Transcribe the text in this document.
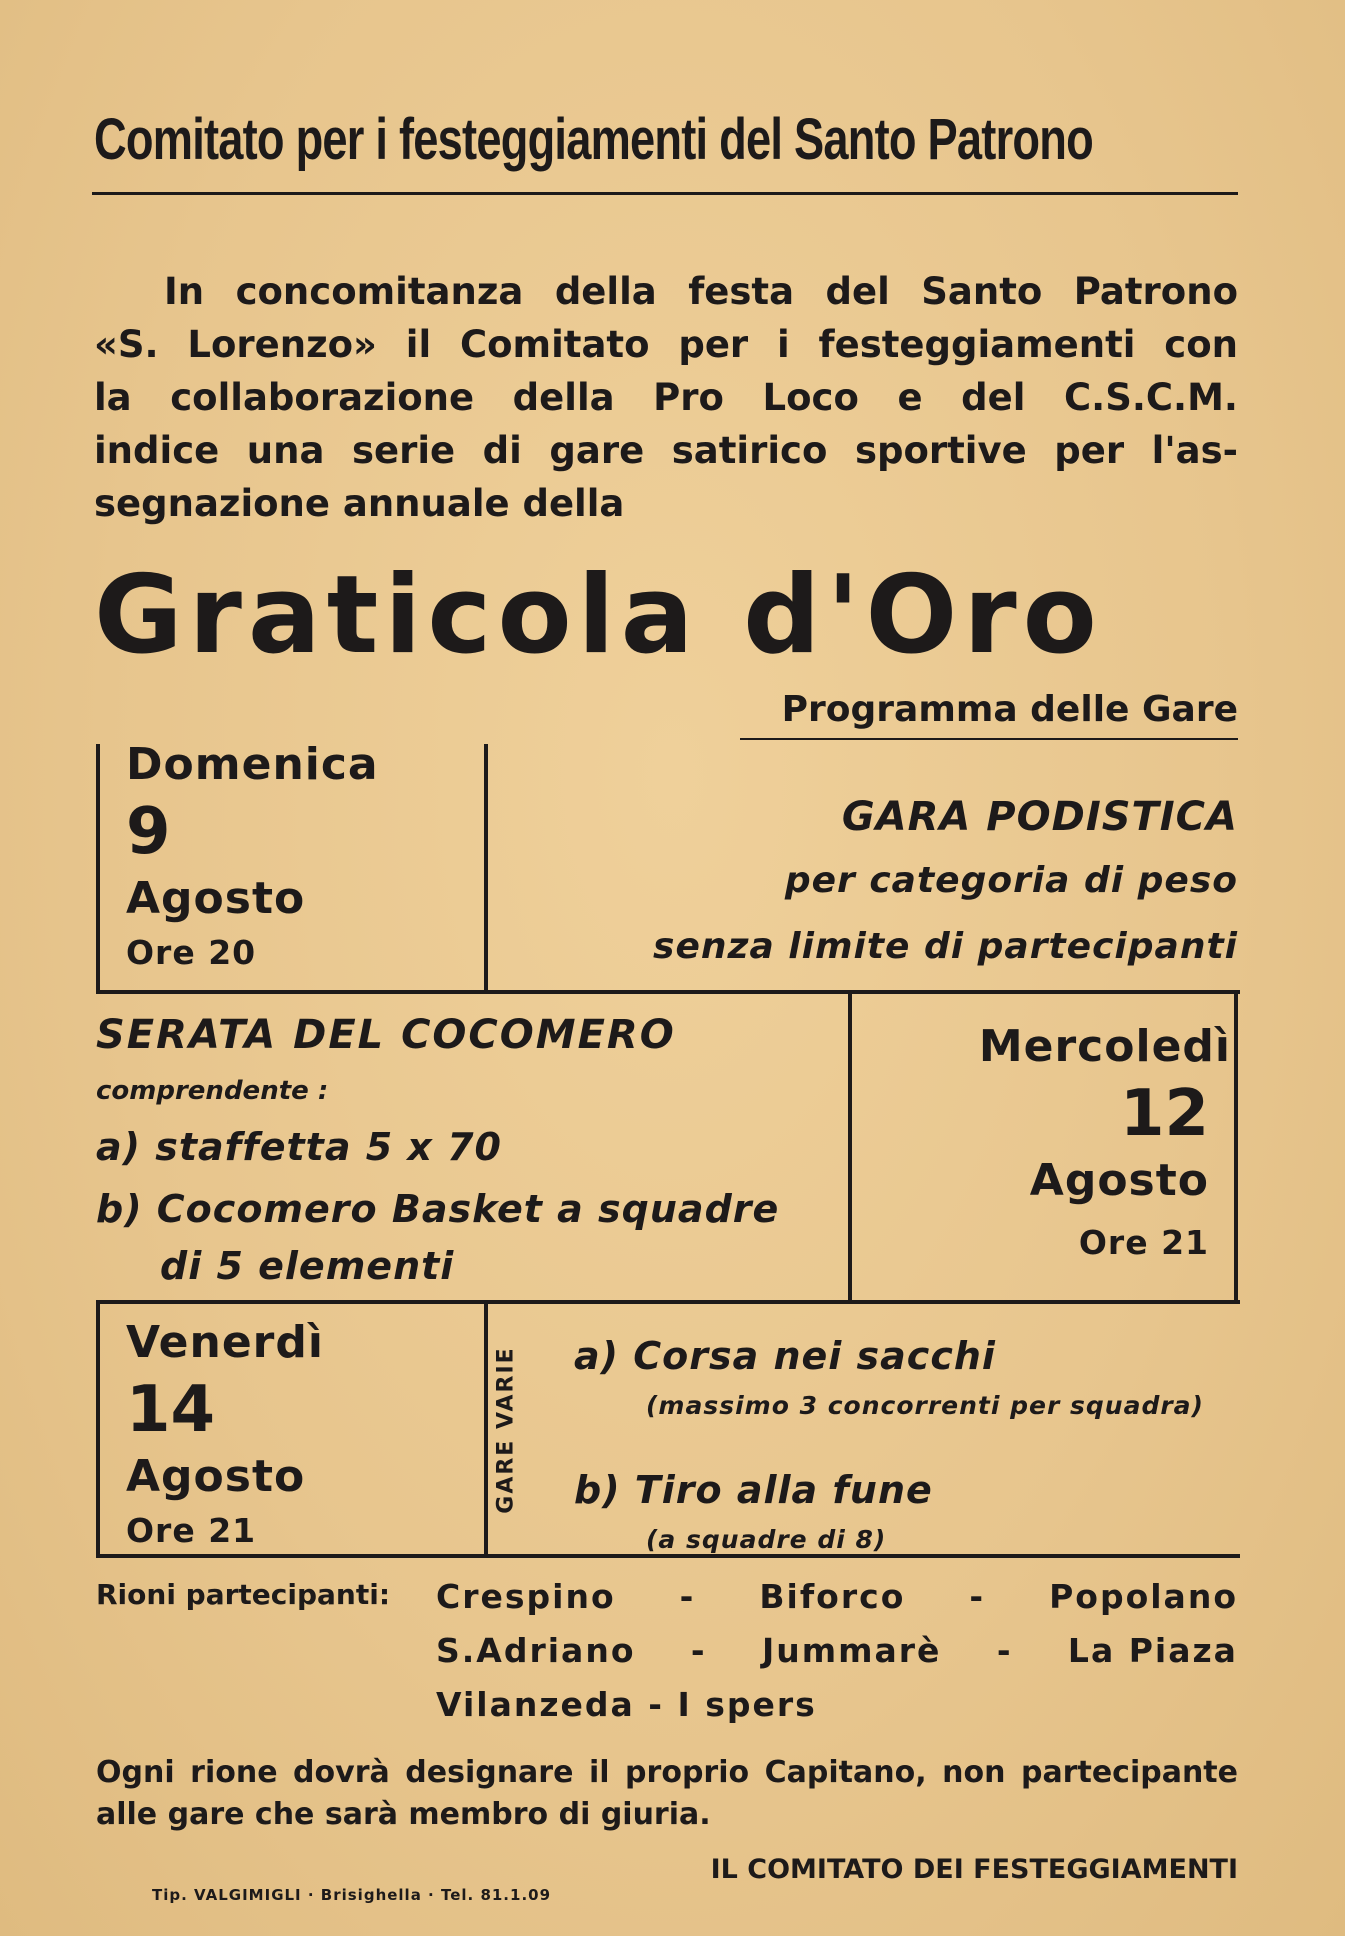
Comitato per i festeggiamenti del Santo Patrono
In concomitanza della festa del Santo Patrono
«S. Lorenzo» il Comitato per i festeggiamenti con
la collaborazione della Pro Loco e del C.S.C.M.
indice una serie di gare satirico sportive per l'as-
segnazione annuale della
Graticola d'Oro
Programma delle Gare
Domenica
9
Agosto
Ore 20
GARA PODISTICA
per categoria di peso
senza limite di partecipanti
SERATA DEL COCOMERO
comprendente :
a) staffetta 5 x 70
b) Cocomero Basket a squadre
di 5 elementi
Mercoledì
12
Agosto
Ore 21
Venerdì
14
Agosto
Ore 21
GARE VARIE a) Corsa nei sacchi
(massimo 3 concorrenti per squadra)
b) Tiro alla fune
(a squadre di 8)
Rioni partecipanti: Crespino - Biforco - Popolano
S.Adriano - Jummarè - La Piaza
Vilanzeda - I spers
Ogni rione dovrà designare il proprio Capitano, non partecipante
alle gare che sarà membro di giuria.
IL COMITATO DEI FESTEGGIAMENTI
Tip. VALGIMIGLI · Brisighella · Tel. 81.1.09
